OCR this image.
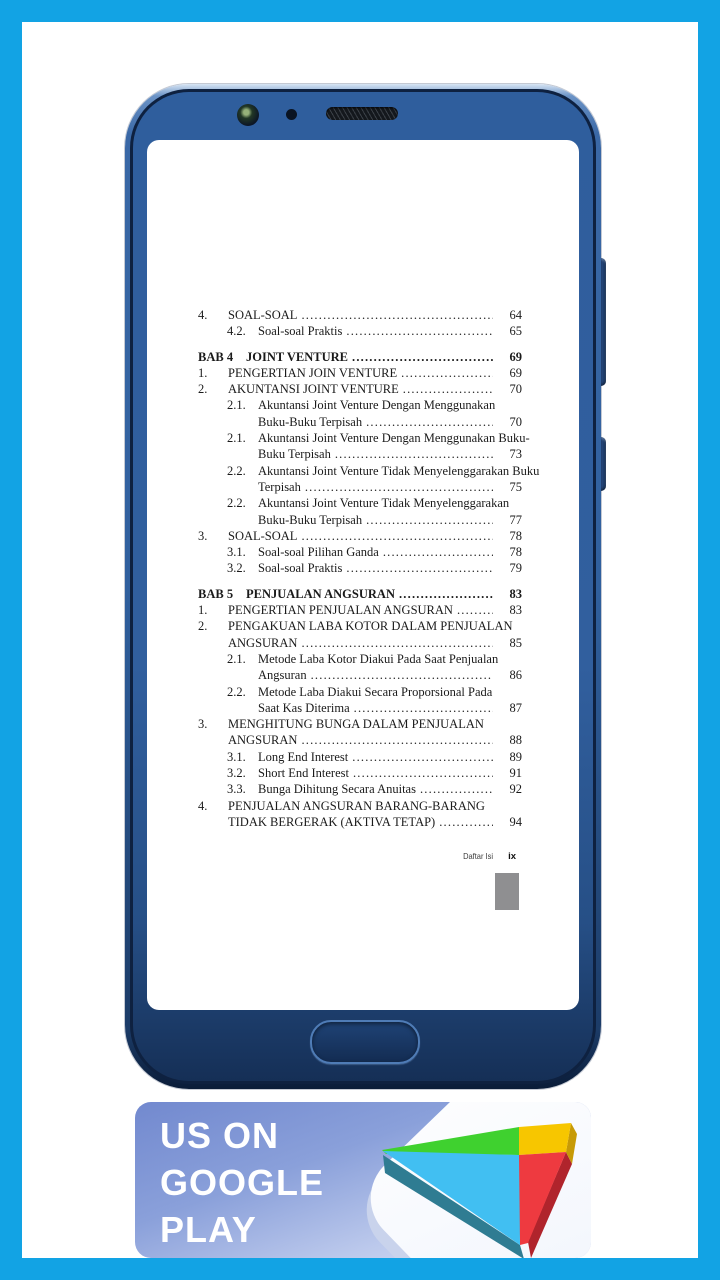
4.	SOAL-SOAL .....	64
4.2. Soal-soal Praktis .....	65
BAB 4	JOINT VENTURE .....	69
1.	PENGERTIAN JOIN VENTURE .....	69
2.	AKUNTANSI JOINT VENTURE .....	70
2.1. Akuntansi Joint Venture Dengan Menggunakan
Buku-Buku Terpisah .....	70
2.1. Akuntansi Joint Venture Dengan Menggunakan Buku-
Buku Terpisah .....	73
2.2. Akuntansi Joint Venture Tidak Menyelenggarakan Buku
Terpisah .....	75
2.2. Akuntansi Joint Venture Tidak Menyelenggarakan
Buku-Buku Terpisah .....	77
3.	SOAL-SOAL .....	78
3.1. Soal-soal Pilihan Ganda .....	78
3.2. Soal-soal Praktis .....	79
BAB 5	PENJUALAN ANGSURAN .....	83
1.	PENGERTIAN PENJUALAN ANGSURAN .....	83
2.	PENGAKUAN LABA KOTOR DALAM PENJUALAN
ANGSURAN .....	85
2.1. Metode Laba Kotor Diakui Pada Saat Penjualan
Angsuran .....	86
2.2. Metode Laba Diakui Secara Proporsional Pada
Saat Kas Diterima .....	87
3.	MENGHITUNG BUNGA DALAM PENJUALAN
ANGSURAN .....	88
3.1. Long End Interest .....	89
3.2. Short End Interest .....	91
3.3. Bunga Dihitung Secara Anuitas .....	92
4.	PENJUALAN ANGSURAN BARANG-BARANG
TIDAK BERGERAK (AKTIVA TETAP) .....	94
Daftar Isi ix
US ON
GOOGLE
PLAY
